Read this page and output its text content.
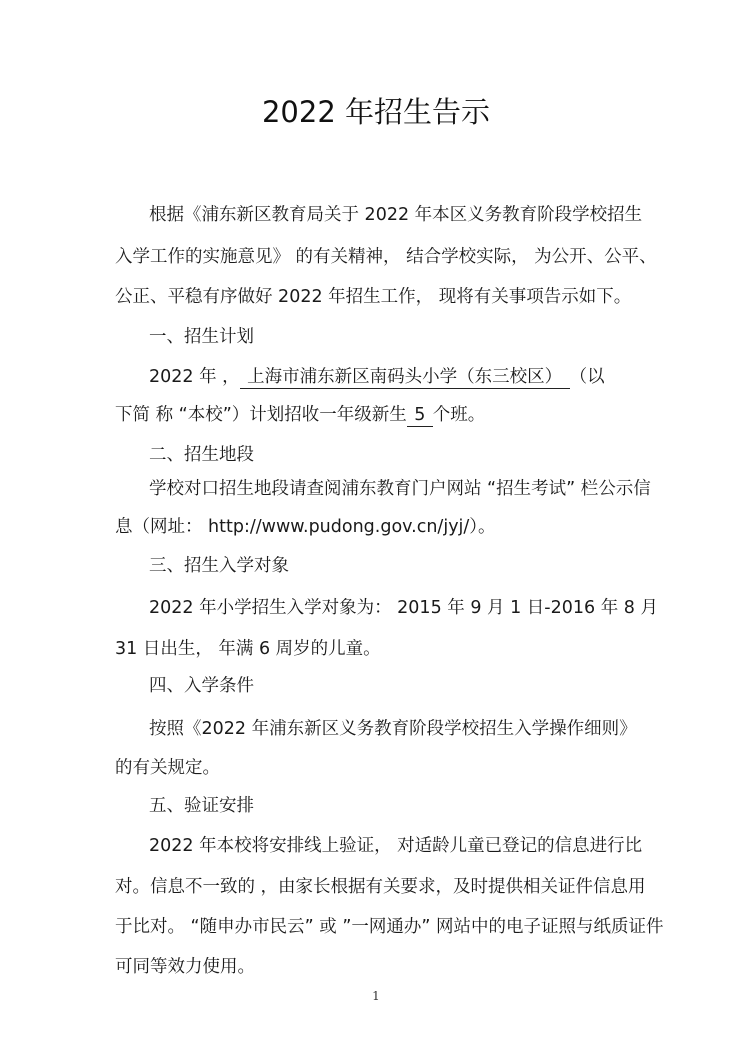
2022 年招生告示
根据《浦东新区教育局关于 2022 年本区义务教育阶段学校招生
入学工作的实施意见》 的有关精神， 结合学校实际， 为公开、公平、
公正、平稳有序做好 2022 年招生工作， 现将有关事项告示如下。
一、招生计划
2022 年 ， 上海市浦东新区南码头小学（东三校区） （以
下简 称 “本校”）计划招收一年级新生 5 个班。
二、招生地段
学校对口招生地段请查阅浦东教育门户网站 “招生考试” 栏公示信
息（网址： http://www.pudong.gov.cn/jyj/）。
三、招生入学对象
2022 年小学招生入学对象为： 2015 年 9 月 1 日-2016 年 8 月
31 日出生， 年满 6 周岁的儿童。
四、入学条件
按照《2022 年浦东新区义务教育阶段学校招生入学操作细则》
的有关规定。
五、验证安排
2022 年本校将安排线上验证， 对适龄儿童已登记的信息进行比
对。信息不一致的 ，由家长根据有关要求，及时提供相关证件信息用
于比对。 “随申办市民云” 或 ”一网通办” 网站中的电子证照与纸质证件
可同等效力使用。
1
